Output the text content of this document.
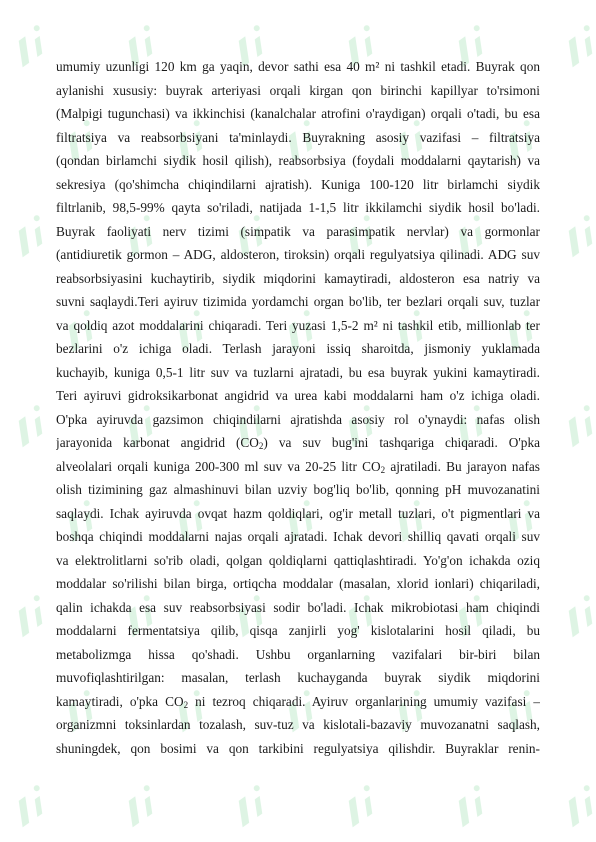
umumiy uzunligi 120 km ga yaqin, devor sathi esa 40 m² ni tashkil etadi. Buyrak qon
aylanishi xususiy: buyrak arteriyasi orqali kirgan qon birinchi kapillyar to'rsimoni
(Malpigi tugunchasi) va ikkinchisi (kanalchalar atrofini o'raydigan) orqali o'tadi, bu esa
filtratsiya va reabsorbsiyani ta'minlaydi. Buyrakning asosiy vazifasi – filtratsiya
(qondan birlamchi siydik hosil qilish), reabsorbsiya (foydali moddalarni qaytarish) va
sekresiya (qo'shimcha chiqindilarni ajratish). Kuniga 100-120 litr birlamchi siydik
filtrlanib, 98,5-99% qayta so'riladi, natijada 1-1,5 litr ikkilamchi siydik hosil bo'ladi.
Buyrak faoliyati nerv tizimi (simpatik va parasimpatik nervlar) va gormonlar
(antidiuretik gormon – ADG, aldosteron, tiroksin) orqali regulyatsiya qilinadi. ADG suv
reabsorbsiyasini kuchaytirib, siydik miqdorini kamaytiradi, aldosteron esa natriy va
suvni saqlaydi.Teri ayiruv tizimida yordamchi organ bo'lib, ter bezlari orqali suv, tuzlar
va qoldiq azot moddalarini chiqaradi. Teri yuzasi 1,5-2 m² ni tashkil etib, millionlab ter
bezlarini o'z ichiga oladi. Terlash jarayoni issiq sharoitda, jismoniy yuklamada
kuchayib, kuniga 0,5-1 litr suv va tuzlarni ajratadi, bu esa buyrak yukini kamaytiradi.
Teri ayiruvi gidroksikarbonat angidrid va urea kabi moddalarni ham o'z ichiga oladi.
O'pka ayiruvda gazsimon chiqindilarni ajratishda asosiy rol o'ynaydi: nafas olish
jarayonida karbonat angidrid $(CO_2)$ va suv bug'ini tashqariga chiqaradi. O'pka
alveolalari orqali kuniga 200-300 ml suv va 20-25 litr $CO_2$ ajratiladi. Bu jarayon nafas
olish tizimining gaz almashinuvi bilan uzviy bog'liq bo'lib, qonning pH muvozanatini
saqlaydi. Ichak ayiruvda ovqat hazm qoldiqlari, og'ir metall tuzlari, o't pigmentlari va
boshqa chiqindi moddalarni najas orqali ajratadi. Ichak devori shilliq qavati orqali suv
va elektrolitlarni so'rib oladi, qolgan qoldiqlarni qattiqlashtiradi. Yo'g'on ichakda oziq
moddalar so'rilishi bilan birga, ortiqcha moddalar (masalan, xlorid ionlari) chiqariladi,
qalin ichakda esa suv reabsorbsiyasi sodir bo'ladi. Ichak mikrobiotasi ham chiqindi
moddalarni fermentatsiya qilib, qisqa zanjirli yog' kislotalarini hosil qiladi, bu
metabolizmga hissa qo'shadi. Ushbu organlarning vazifalari bir-biri bilan
muvofiqlashtirilgan: masalan, terlash kuchayganda buyrak siydik miqdorini
kamaytiradi, o'pka $CO_2$ ni tezroq chiqaradi. Ayiruv organlarining umumiy vazifasi –
organizmni toksinlardan tozalash, suv-tuz va kislotali-bazaviy muvozanatni saqlash,
shuningdek, qon bosimi va qon tarkibini regulyatsiya qilishdir. Buyraklar renin-
